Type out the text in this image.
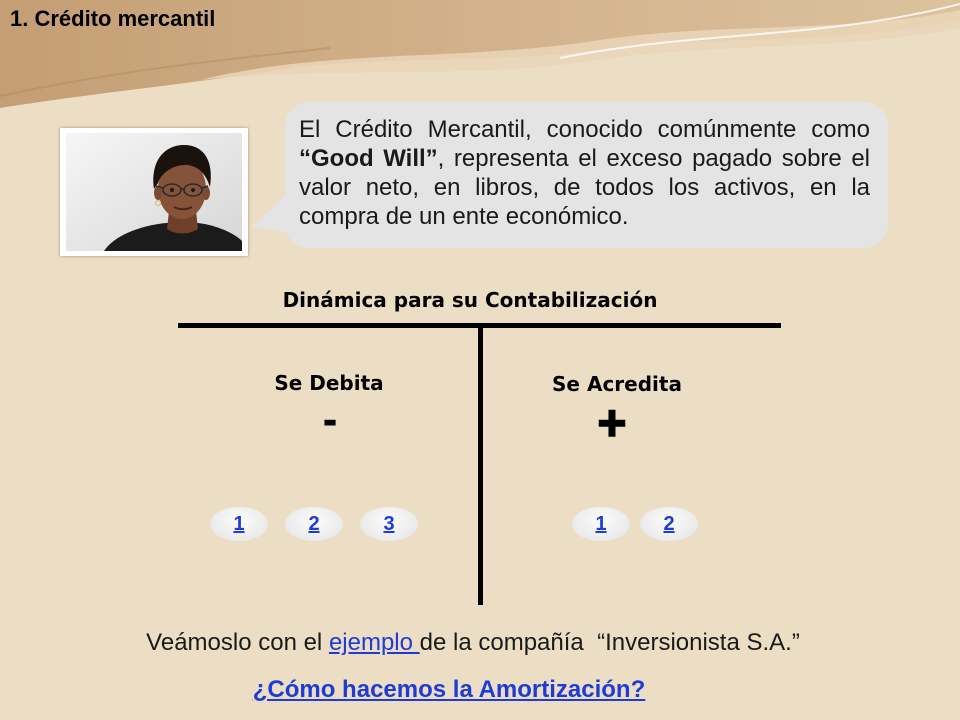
1. Crédito mercantil

El Crédito Mercantil, conocido comúnmente como “Good Will”, representa el exceso pagado sobre el valor neto, en libros, de todos los activos, en la compra de un ente económico.

Dinámica para su Contabilización
Se Debita
-
Se Acredita
+
1	2	3	1	2
Veámoslo con el ejemplo de la compañía  “Inversionista S.A.”
¿Cómo hacemos la Amortización?
